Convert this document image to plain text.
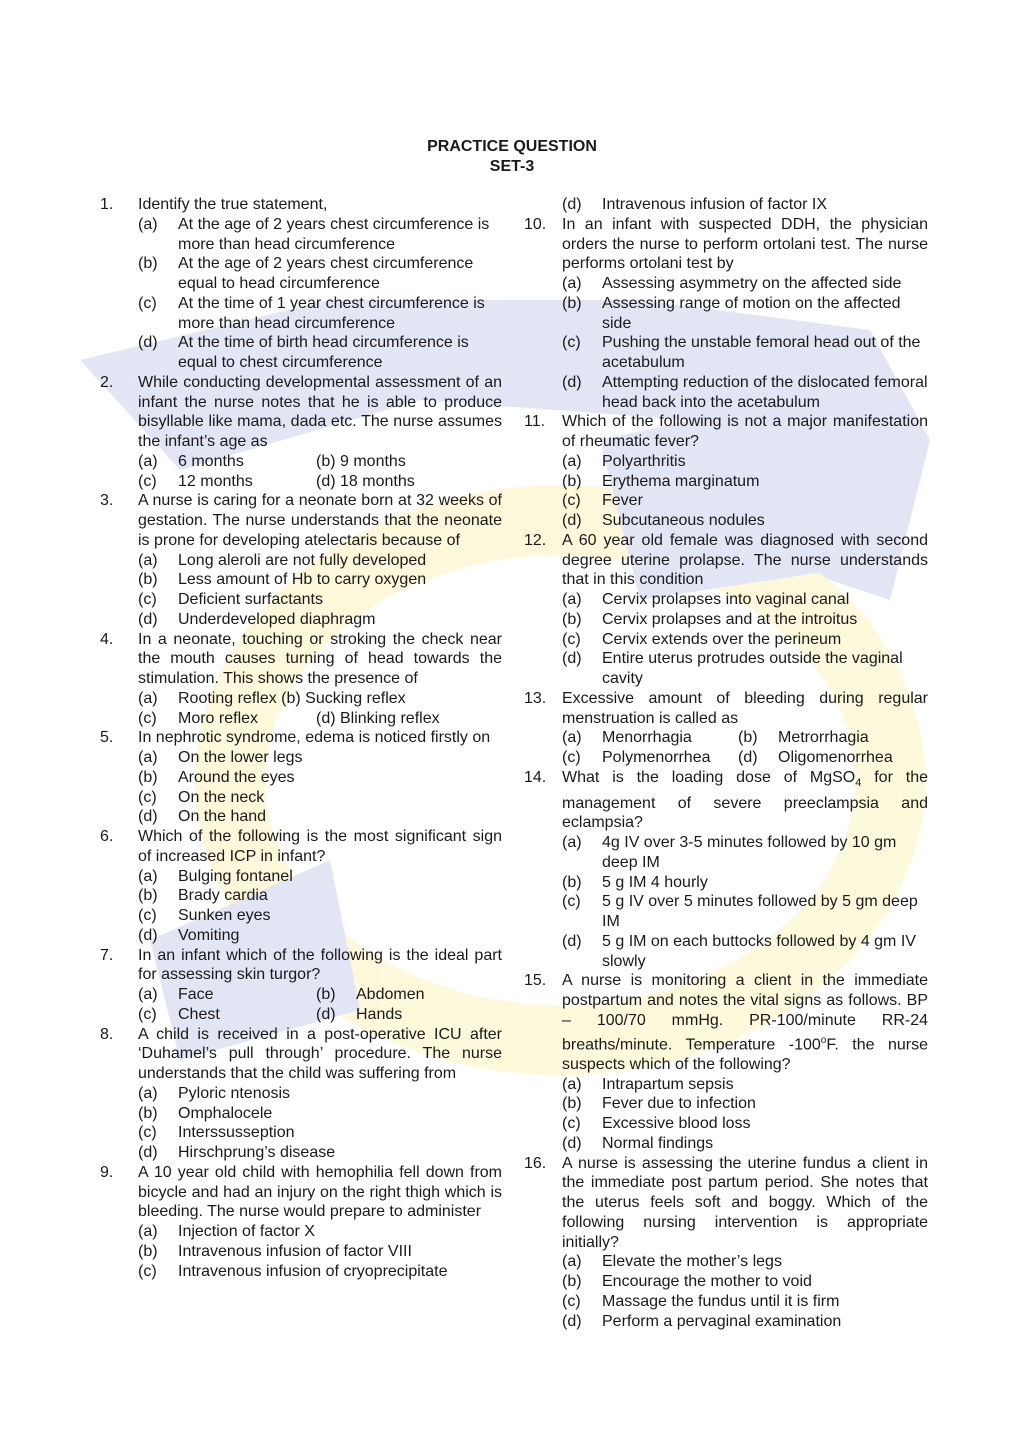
PRACTICE QUESTION
SET-3
1. Identify the true statement,
(a) At the age of 2 years chest circumference is more than head circumference
(b) At the age of 2 years chest circumference equal to head circumference
(c) At the time of 1 year chest circumference is more than head circumference
(d) At the time of birth head circumference is equal to chest circumference
2. While conducting developmental assessment of an infant the nurse notes that he is able to produce bisyllable like mama, dada etc. The nurse assumes the infant’s age as
(a)	6 months	(b) 9 months
(c)	12 months	(d) 18 months
3. A nurse is caring for a neonate born at 32 weeks of gestation. The nurse understands that the neonate is prone for developing atelectaris because of
(a) Long aleroli are not fully developed
(b) Less amount of Hb to carry oxygen
(c) Deficient surfactants
(d) Underdeveloped diaphragm
4. In a neonate, touching or stroking the check near the mouth causes turning of head towards the stimulation. This shows the presence of
(a)	Rooting reflex (b) Sucking reflex
(c)	Moro reflex	(d) Blinking reflex
5. In nephrotic syndrome, edema is noticed firstly on
(a) On the lower legs
(b) Around the eyes
(c) On the neck
(d) On the hand
6. Which of the following is the most significant sign of increased ICP in infant?
(a) Bulging fontanel
(b) Brady cardia
(c) Sunken eyes
(d) Vomiting
7. In an infant which of the following is the ideal part for assessing skin turgor?
(a)	Face	(b)	Abdomen
(c)	Chest	(d)	Hands
8. A child is received in a post-operative ICU after ‘Duhamel’s pull through’ procedure. The nurse understands that the child was suffering from
(a) Pyloric ntenosis
(b) Omphalocele
(c) Interssusseption
(d) Hirschprung’s disease
9. A 10 year old child with hemophilia fell down from bicycle and had an injury on the right thigh which is bleeding. The nurse would prepare to administer
(a) Injection of factor X
(b) Intravenous infusion of factor VIII
(c) Intravenous infusion of cryoprecipitate
(d) Intravenous infusion of factor IX
10. In an infant with suspected DDH, the physician orders the nurse to perform ortolani test. The nurse performs ortolani test by
(a) Assessing asymmetry on the affected side
(b) Assessing range of motion on the affected side
(c) Pushing the unstable femoral head out of the acetabulum
(d) Attempting reduction of the dislocated femoral head back into the acetabulum
11. Which of the following is not a major manifestation of rheumatic fever?
(a) Polyarthritis
(b) Erythema marginatum
(c) Fever
(d) Subcutaneous nodules
12. A 60 year old female was diagnosed with second degree uterine prolapse. The nurse understands that in this condition
(a) Cervix prolapses into vaginal canal
(b) Cervix prolapses and at the introitus
(c) Cervix extends over the perineum
(d) Entire uterus protrudes outside the vaginal cavity
13. Excessive amount of bleeding during regular menstruation is called as
(a)	Menorrhagia	(b)	Metrorrhagia
(c)	Polymenorrhea (d)	Oligomenorrhea
14. What is the loading dose of MgSO$_4$ for the management of severe preeclampsia and eclampsia?
(a) 4g IV over 3-5 minutes followed by 10 gm deep IM
(b) 5 g IM 4 hourly
(c) 5 g IV over 5 minutes followed by 5 gm deep IM
(d) 5 g IM on each buttocks followed by 4 gm IV slowly
15. A nurse is monitoring a client in the immediate postpartum and notes the vital signs as follows. BP – 100/70 mmHg. PR-100/minute RR-24 breaths/minute. Temperature -100$^o$F. the nurse suspects which of the following?
(a) Intrapartum sepsis
(b) Fever due to infection
(c) Excessive blood loss
(d) Normal findings
16. A nurse is assessing the uterine fundus a client in the immediate post partum period. She notes that the uterus feels soft and boggy. Which of the following nursing intervention is appropriate initially?
(a) Elevate the mother’s legs
(b) Encourage the mother to void
(c) Massage the fundus until it is firm
(d) Perform a pervaginal examination
